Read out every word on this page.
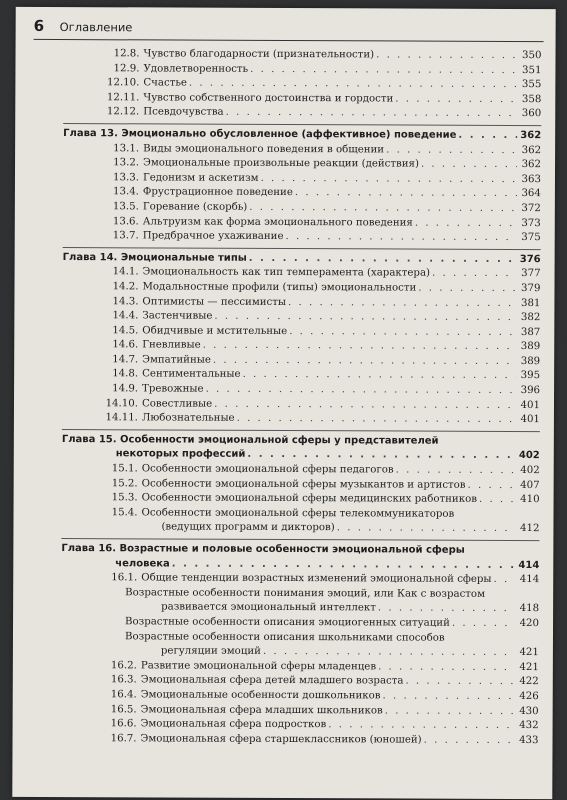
6 Оглавление
12.8. Чувство благодарности (признательности) . . .	350
12.9. Удовлетворенность . . .	351
12.10. Счастье . . .	355
12.11. Чувство собственного достоинства и гордости . . .	358
12.12. Псевдочувства . . .	360
Глава 13. Эмоционально обусловленное (аффективное) поведение . . .	362
13.1. Виды эмоционального поведения в общении . . .	362
13.2. Эмоциональные произвольные реакции (действия) . . .	362
13.3. Гедонизм и аскетизм . . .	363
13.4. Фрустрационное поведение . . .	364
13.5. Горевание (скорбь) . . .	372
13.6. Альтруизм как форма эмоционального поведения . . .	373
13.7. Предбрачное ухаживание . . .	375
Глава 14. Эмоциональные типы . . .	376
14.1. Эмоциональность как тип темперамента (характера) . . .	377
14.2. Модальностные профили (типы) эмоциональности . . .	379
14.3. Оптимисты — пессимисты . . .	381
14.4. Застенчивые . . .	382
14.5. Обидчивые и мстительные . . .	387
14.6. Гневливые . . .	389
14.7. Эмпатийные . . .	389
14.8. Сентиментальные . . .	395
14.9. Тревожные . . .	396
14.10. Совестливые . . .	401
14.11. Любознательные . . .	401
Глава 15. Особенности эмоциональной сферы у представителей
некоторых профессий . . .	402
15.1. Особенности эмоциональной сферы педагогов . . .	402
15.2. Особенности эмоциональной сферы музыкантов и артистов . . .	407
15.3. Особенности эмоциональной сферы медицинских работников . . .	410
15.4. Особенности эмоциональной сферы телекоммуникаторов
(ведущих программ и дикторов) . . .	412
Глава 16. Возрастные и половые особенности эмоциональной сферы
человека . . .	414
16.1. Общие тенденции возрастных изменений эмоциональной сферы . . .	414
Возрастные особенности понимания эмоций, или Как с возрастом
развивается эмоциональный интеллект . . .	418
Возрастные особенности описания эмоциогенных ситуаций . . .	420
Возрастные особенности описания школьниками способов
регуляции эмоций . . .	421
16.2. Развитие эмоциональной сферы младенцев . . .	421
16.3. Эмоциональная сфера детей младшего возраста . . .	422
16.4. Эмоциональные особенности дошкольников . . .	426
16.5. Эмоциональная сфера младших школьников . . .	430
16.6. Эмоциональная сфера подростков . . .	432
16.7. Эмоциональная сфера старшеклассников (юношей) . . .	433
